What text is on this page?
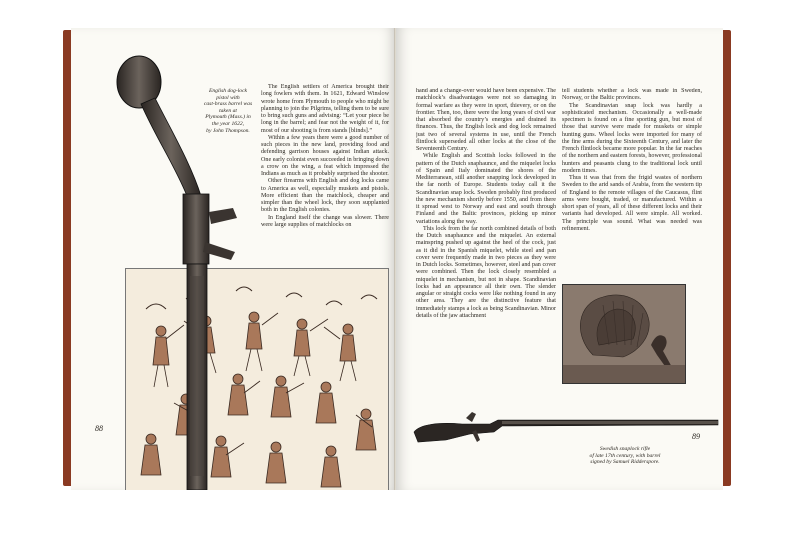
English dog-lock
pistol with
cast-brass barrel was
taken at
Plymouth (Mass.) in
the year 1622,
by John Thompson.

The English settlers of America brought their long fowlers with them. In 1621, Edward Winslow wrote home from Plymouth to people who might be planning to join the Pilgrims, telling them to be sure to bring such guns and advising: “Let your piece be long in the barrel; and fear not the weight of it, for most of our shooting is from stands [blinds].”

Within a few years there were a good number of such pieces in the new land, providing food and defending garrison houses against Indian attack. One early colonist even succeeded in bringing down a crow on the wing, a feat which impressed the Indians as much as it probably surprised the shooter.

Other firearms with English and dog locks came to America as well, especially muskets and pistols. More efficient than the matchlock, cheaper and simpler than the wheel lock, they soon supplanted both in the English colonies.

In England itself the change was slower. There were large supplies of matchlocks on

88

hand and a change-over would have been expensive. The matchlock’s disadvantages were not so damaging in formal warfare as they were in sport, thievery, or on the frontier. Then, too, there were the long years of civil war that absorbed the country’s energies and drained its finances. Thus, the English lock and dog lock remained just two of several systems in use, until the French flintlock superseded all other locks at the close of the Seventeenth Century.

While English and Scottish locks followed in the pattern of the Dutch snaphaunce, and the miquelet locks of Spain and Italy dominated the shores of the Mediterranean, still another snapping lock developed in the far north of Europe. Students today call it the Scandinavian snap lock. Sweden probably first produced the new mechanism shortly before 1550, and from there it spread west to Norway and east and south through Finland and the Baltic provinces, picking up minor variations along the way.

This lock from the far north combined details of both the Dutch snaphaunce and the miquelet. An external mainspring pushed up against the heel of the cock, just as it did in the Spanish miquelet, while steel and pan cover were frequently made in two pieces as they were in Dutch locks. Sometimes, however, steel and pan cover were combined. Then the lock closely resembled a miquelet in mechanism, but not in shape. Scandinavian locks had an appearance all their own. The slender angular or straight cocks were like nothing found in any other area. They are the distinctive feature that immediately stamps a lock as being Scandinavian. Minor details of the jaw attachment

tell students whether a lock was made in Sweden, Norway, or the Baltic provinces.

The Scandinavian snap lock was hardly a sophisticated mechanism. Occasionally a well-made specimen is found on a fine sporting gun, but most of those that survive were made for muskets or simple hunting guns. Wheel locks were imported for many of the fine arms during the Sixteenth Century, and later the French flintlock became more popular. In the far reaches of the northern and eastern forests, however, professional hunters and peasants clung to the traditional lock until modern times.

Thus it was that from the frigid wastes of northern Sweden to the arid sands of Arabia, from the western tip of England to the remote villages of the Caucasus, flint arms were bought, traded, or manufactured. Within a short span of years, all of these different locks and their variants had developed. All were simple. All worked. The principle was sound. What was needed was refinement.

Swedish snaplock rifle
of late 17th century, with barrel
signed by Samuel Ridderspore.
89
